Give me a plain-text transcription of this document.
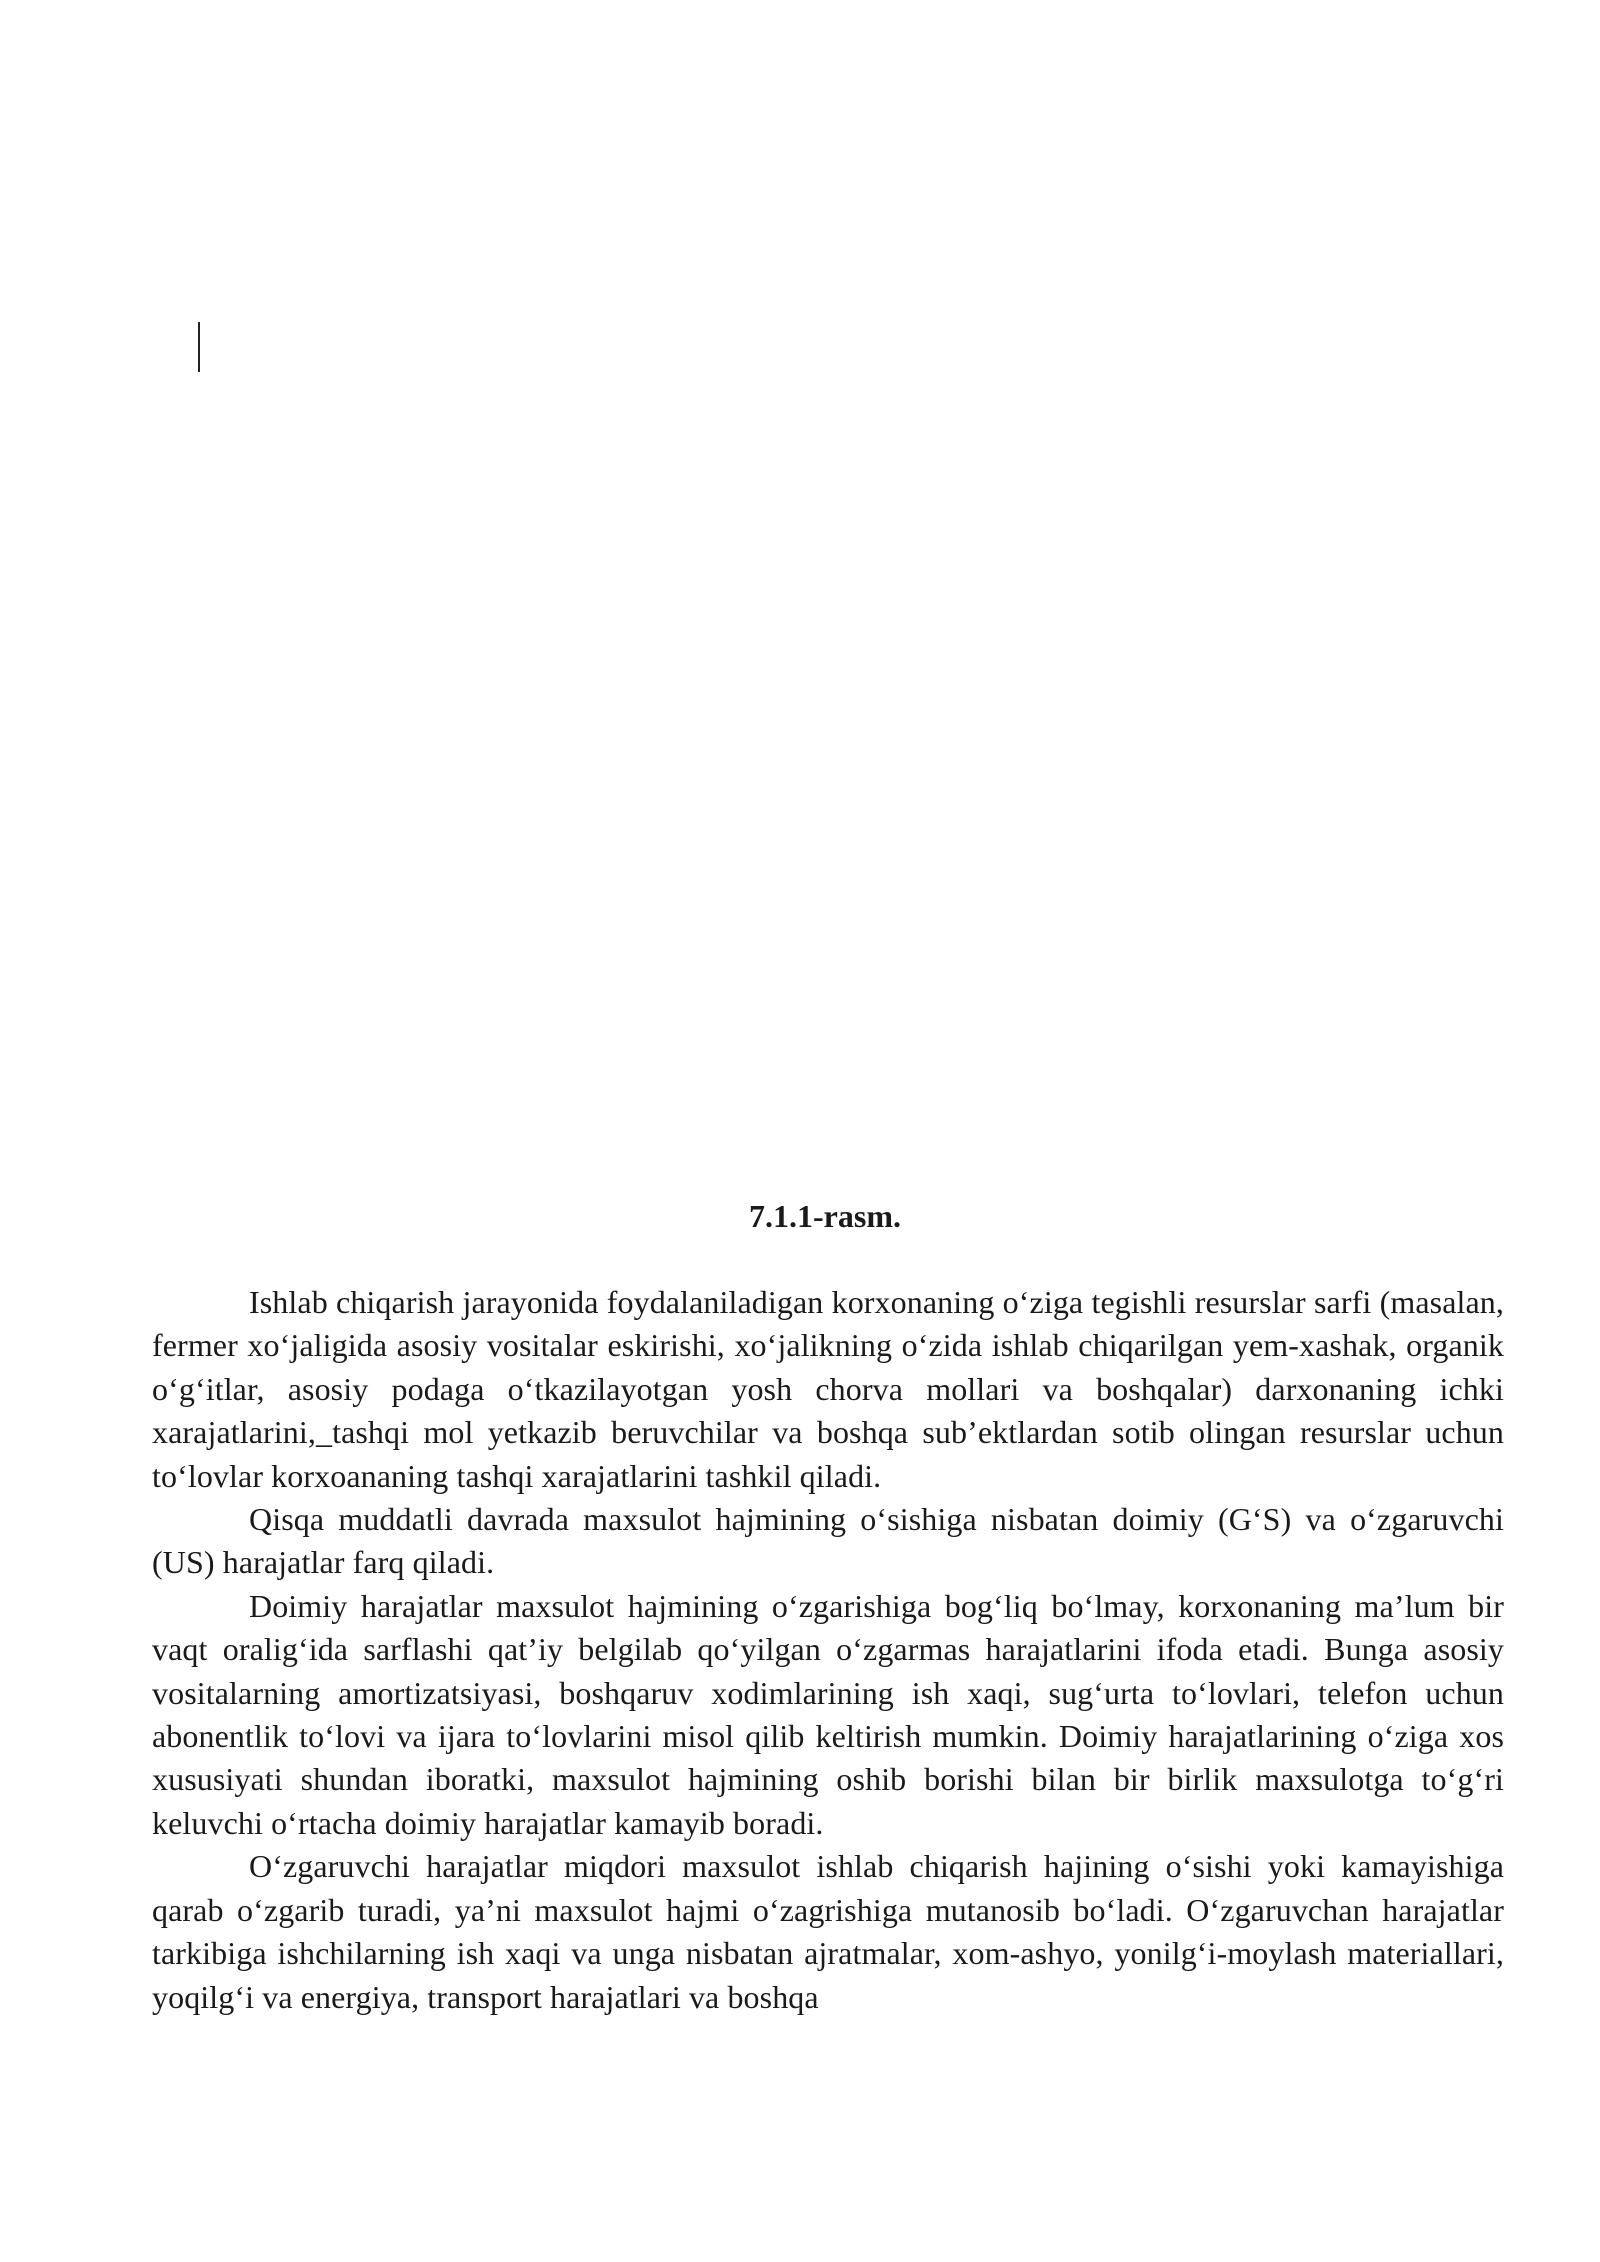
7.1.1-rasm.

Ishlab chiqarish jarayonida foydalaniladigan korxonaning o‘ziga tegishli resurslar sarfi (masalan, fermer xo‘jaligida asosiy vositalar eskirishi, xo‘jalikning o‘zida ishlab chiqarilgan yem-xashak, organik o‘g‘itlar, asosiy podaga o‘tkazilayotgan yosh chorva mollari va boshqalar) darxonaning ichki xarajatlarini,_tashqi mol yetkazib beruvchilar va boshqa sub’ektlardan sotib olingan resurslar uchun to‘lovlar korxoananing tashqi xarajatlarini tashkil qiladi.

Qisqa muddatli davrada maxsulot hajmining o‘sishiga nisbatan doimiy (G‘S) va o‘zgaruvchi (US) harajatlar farq qiladi.

Doimiy harajatlar maxsulot hajmining o‘zgarishiga bog‘liq bo‘lmay, korxonaning ma’lum bir vaqt oralig‘ida sarflashi qat’iy belgilab qo‘yilgan o‘zgarmas harajatlarini ifoda etadi. Bunga asosiy vositalarning amortizatsiyasi, boshqaruv xodimlarining ish xaqi, sug‘urta to‘lovlari, telefon uchun abonentlik to‘lovi va ijara to‘lovlarini misol qilib keltirish mumkin. Doimiy harajatlarining o‘ziga xos xususiyati shundan iboratki, maxsulot hajmining oshib borishi bilan bir birlik maxsulotga to‘g‘ri keluvchi o‘rtacha doimiy harajatlar kamayib boradi.

O‘zgaruvchi harajatlar miqdori maxsulot ishlab chiqarish hajining o‘sishi yoki kamayishiga qarab o‘zgarib turadi, ya’ni maxsulot hajmi o‘zagrishiga mutanosib bo‘ladi. O‘zgaruvchan harajatlar tarkibiga ishchilarning ish xaqi va unga nisbatan ajratmalar, xom-ashyo, yonilg‘i-moylash materiallari, yoqilg‘i va energiya, transport harajatlari va boshqa
